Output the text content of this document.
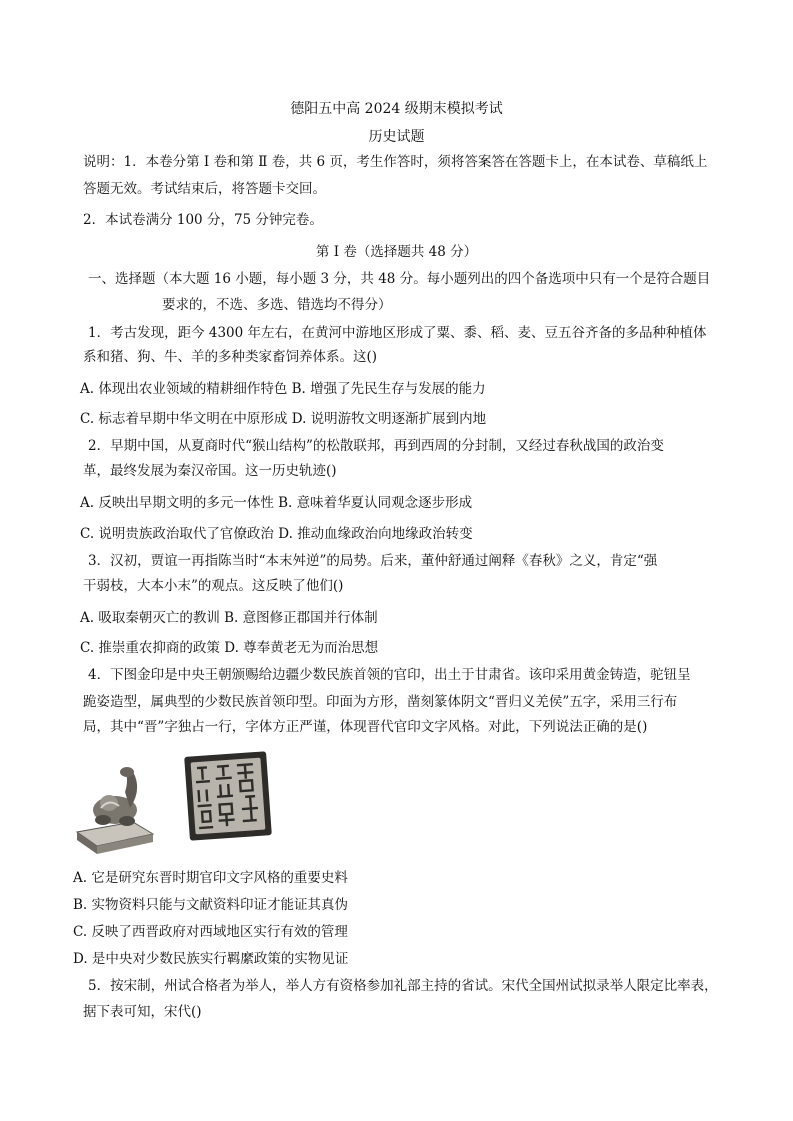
德阳五中高 2024 级期末模拟考试
历史试题
说明：1．本卷分第 Ⅰ 卷和第 Ⅱ 卷，共 6 页，考生作答时，须将答案答在答题卡上，在本试卷、草稿纸上
答题无效。考试结束后，将答题卡交回。
2．本试卷满分 100 分，75 分钟完卷。
第 Ⅰ 卷（选择题共 48 分）
一、选择题（本大题 16 小题，每小题 3 分，共 48 分。每小题列出的四个备选项中只有一个是符合题目
要求的，不选、多选、错选均不得分）
1．考古发现，距今 4300 年左右，在黄河中游地区形成了粟、黍、稻、麦、豆五谷齐备的多品种种植体
系和猪、狗、牛、羊的多种类家畜饲养体系。这()
A. 体现出农业领域的精耕细作特色 B. 增强了先民生存与发展的能力
C. 标志着早期中华文明在中原形成 D. 说明游牧文明逐渐扩展到内地
2．早期中国，从夏商时代“猴山结构”的松散联邦，再到西周的分封制，又经过春秋战国的政治变
革，最终发展为秦汉帝国。这一历史轨迹()
A. 反映出早期文明的多元一体性 B. 意味着华夏认同观念逐步形成
C. 说明贵族政治取代了官僚政治 D. 推动血缘政治向地缘政治转变
3．汉初，贾谊一再指陈当时“本末舛逆”的局势。后来，董仲舒通过阐释《春秋》之义，肯定“强
干弱枝，大本小末”的观点。这反映了他们()
A. 吸取秦朝灭亡的教训 B. 意图修正郡国并行体制
C. 推崇重农抑商的政策 D. 尊奉黄老无为而治思想
4．下图金印是中央王朝颁赐给边疆少数民族首领的官印，出土于甘肃省。该印采用黄金铸造，驼钮呈
跪姿造型，属典型的少数民族首领印型。印面为方形，凿刻篆体阴文“晋归义羌侯”五字，采用三行布
局，其中“晋”字独占一行，字体方正严谨，体现晋代官印文字风格。对此，下列说法正确的是()
A. 它是研究东晋时期官印文字风格的重要史料
B. 实物资料只能与文献资料印证才能证其真伪
C. 反映了西晋政府对西域地区实行有效的管理
D. 是中央对少数民族实行羁縻政策的实物见证
5．按宋制，州试合格者为举人，举人方有资格参加礼部主持的省试。宋代全国州试拟录举人限定比率表，
据下表可知，宋代()
